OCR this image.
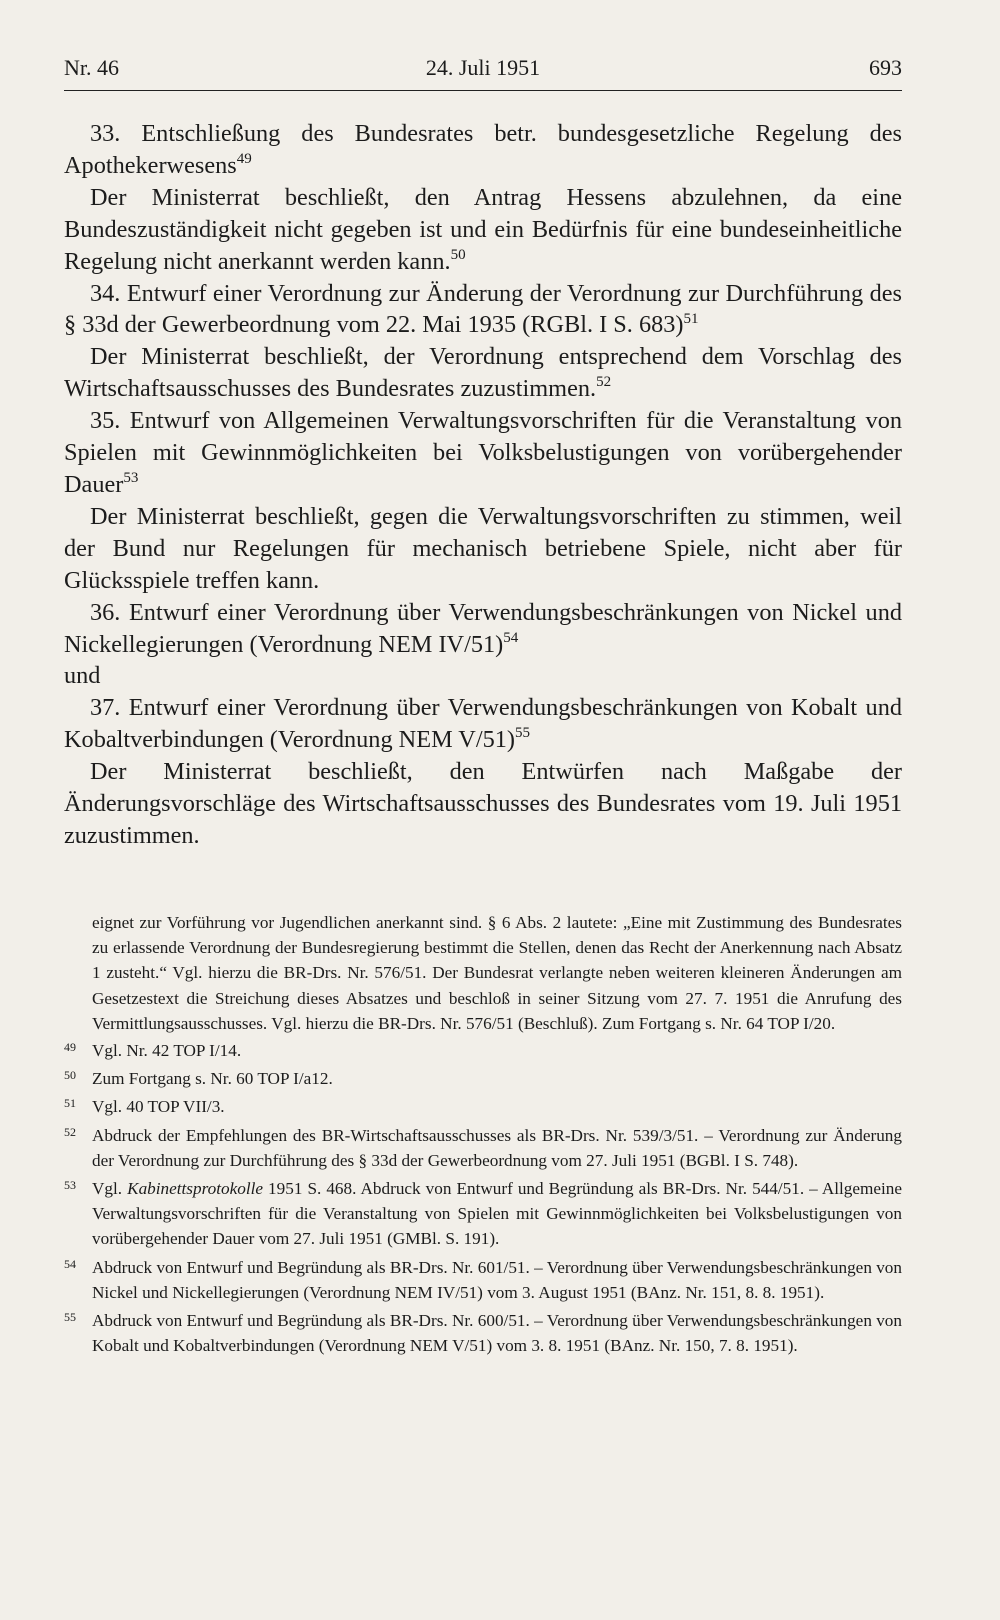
Nr. 46	24. Juli 1951	693

33. Entschließung des Bundesrates betr. bundesgesetzliche Regelung des Apothekerwesens$^{49}$

Der Ministerrat beschließt, den Antrag Hessens abzulehnen, da eine Bundeszuständigkeit nicht gegeben ist und ein Bedürfnis für eine bundeseinheitliche Regelung nicht anerkannt werden kann.$^{50}$

34. Entwurf einer Verordnung zur Änderung der Verordnung zur Durchführung des § 33d der Gewerbeordnung vom 22. Mai 1935 (RGBl. I S. 683)$^{51}$

Der Ministerrat beschließt, der Verordnung entsprechend dem Vorschlag des Wirtschaftsausschusses des Bundesrates zuzustimmen.$^{52}$

35. Entwurf von Allgemeinen Verwaltungsvorschriften für die Veranstaltung von Spielen mit Gewinnmöglichkeiten bei Volksbelustigungen von vorübergehender Dauer$^{53}$

Der Ministerrat beschließt, gegen die Verwaltungsvorschriften zu stimmen, weil der Bund nur Regelungen für mechanisch betriebene Spiele, nicht aber für Glücksspiele treffen kann.

36. Entwurf einer Verordnung über Verwendungsbeschränkungen von Nickel und Nickellegierungen (Verordnung NEM IV/51)$^{54}$

und

37. Entwurf einer Verordnung über Verwendungsbeschränkungen von Kobalt und Kobaltverbindungen (Verordnung NEM V/51)$^{55}$

Der Ministerrat beschließt, den Entwürfen nach Maßgabe der Änderungsvorschläge des Wirtschaftsausschusses des Bundesrates vom 19. Juli 1951 zuzustimmen.

eignet zur Vorführung vor Jugendlichen anerkannt sind. § 6 Abs. 2 lautete: „Eine mit Zustimmung des Bundesrates zu erlassende Verordnung der Bundesregierung bestimmt die Stellen, denen das Recht der Anerkennung nach Absatz 1 zusteht.“ Vgl. hierzu die BR-Drs. Nr. 576/51. Der Bundesrat verlangte neben weiteren kleineren Änderungen am Gesetzestext die Streichung dieses Absatzes und beschloß in seiner Sitzung vom 27. 7. 1951 die Anrufung des Vermittlungsausschusses. Vgl. hierzu die BR-Drs. Nr. 576/51 (Beschluß). Zum Fortgang s. Nr. 64 TOP I/20.

49 Vgl. Nr. 42 TOP I/14.
50 Zum Fortgang s. Nr. 60 TOP I/a12.
51 Vgl. 40 TOP VII/3.
52 Abdruck der Empfehlungen des BR-Wirtschaftsausschusses als BR-Drs. Nr. 539/3/51. – Verordnung zur Änderung der Verordnung zur Durchführung des § 33d der Gewerbeordnung vom 27. Juli 1951 (BGBl. I S. 748).
53 Vgl. Kabinettsprotokolle 1951 S. 468. Abdruck von Entwurf und Begründung als BR-Drs. Nr. 544/51. – Allgemeine Verwaltungsvorschriften für die Veranstaltung von Spielen mit Gewinnmöglichkeiten bei Volksbelustigungen von vorübergehender Dauer vom 27. Juli 1951 (GMBl. S. 191).
54 Abdruck von Entwurf und Begründung als BR-Drs. Nr. 601/51. – Verordnung über Verwendungsbeschränkungen von Nickel und Nickellegierungen (Verordnung NEM IV/51) vom 3. August 1951 (BAnz. Nr. 151, 8. 8. 1951).
55 Abdruck von Entwurf und Begründung als BR-Drs. Nr. 600/51. – Verordnung über Verwendungsbeschränkungen von Kobalt und Kobaltverbindungen (Verordnung NEM V/51) vom 3. 8. 1951 (BAnz. Nr. 150, 7. 8. 1951).
